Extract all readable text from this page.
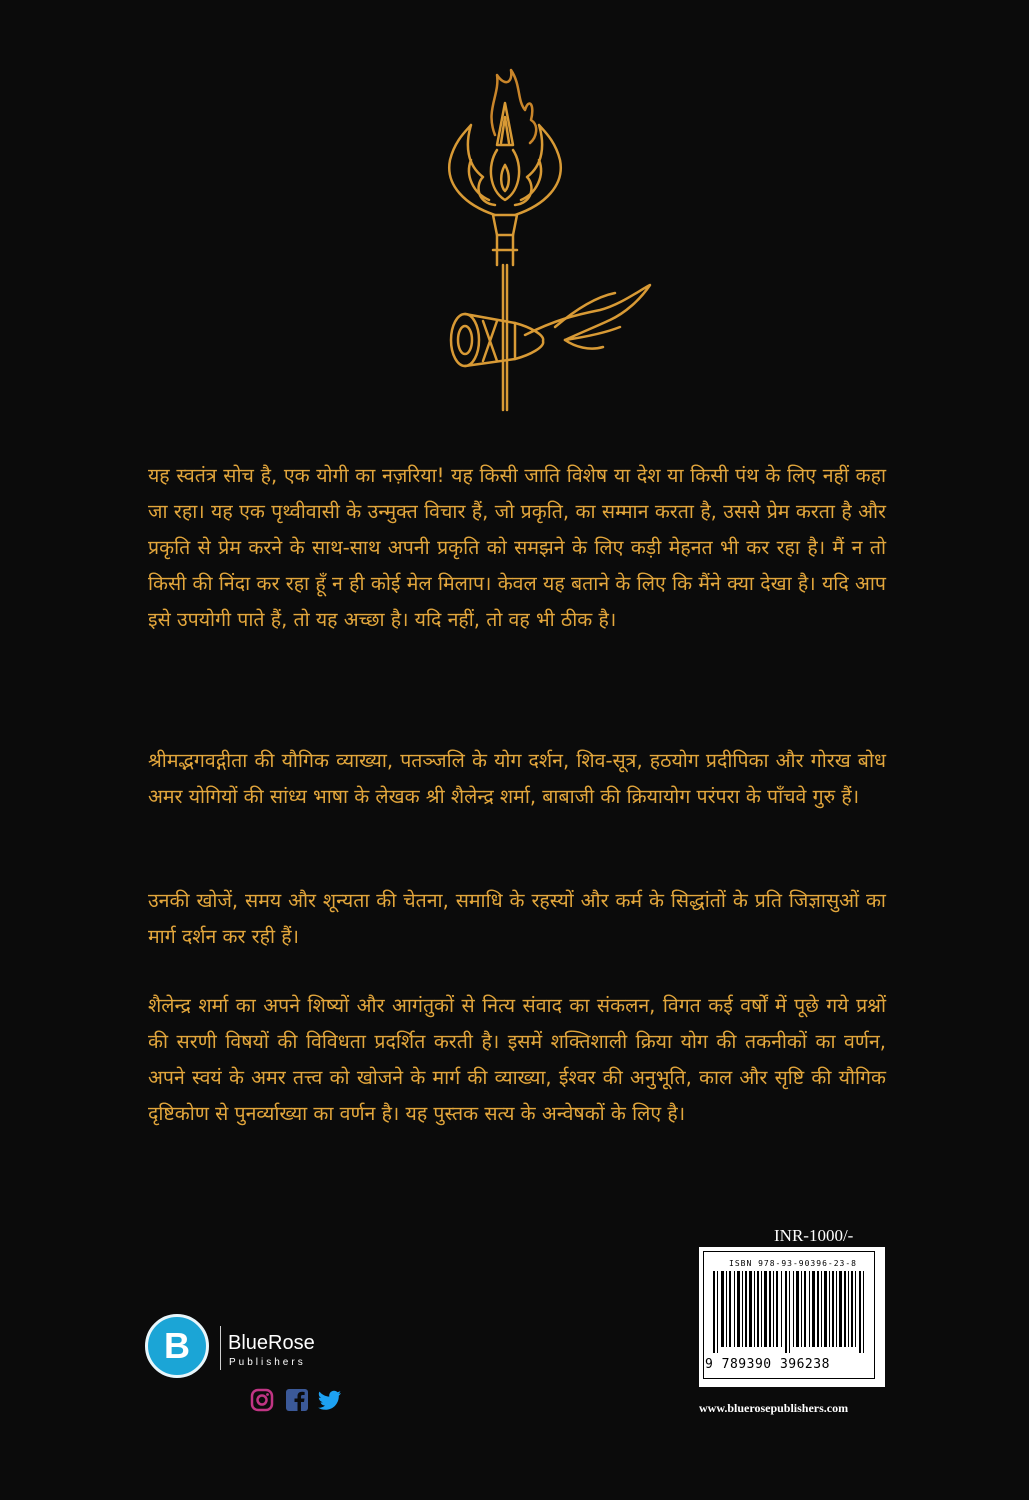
यह स्वतंत्र सोच है, एक योगी का नज़रिया! यह किसी जाति विशेष या देश या किसी पंथ के लिए नहीं कहा जा रहा। यह एक पृथ्वीवासी के उन्मुक्त विचार हैं, जो प्रकृति, का सम्मान करता है, उससे प्रेम करता है और प्रकृति से प्रेम करने के साथ-साथ अपनी प्रकृति को समझने के लिए कड़ी मेहनत भी कर रहा है। मैं न तो किसी की निंदा कर रहा हूँ न ही कोई मेल मिलाप। केवल यह बताने के लिए कि मैंने क्या देखा है। यदि आप इसे उपयोगी पाते हैं, तो यह अच्छा है। यदि नहीं, तो वह भी ठीक है।

श्रीमद्भगवद्गीता की यौगिक व्याख्या, पतञ्जलि के योग दर्शन, शिव-सूत्र, हठयोग प्रदीपिका और गोरख बोध अमर योगियों की सांध्य भाषा के लेखक श्री शैलेन्द्र शर्मा, बाबाजी की क्रियायोग परंपरा के पाँचवे गुरु हैं।

उनकी खोजें, समय और शून्यता की चेतना, समाधि के रहस्यों और कर्म के सिद्धांतों के प्रति जिज्ञासुओं का मार्ग दर्शन कर रही हैं।

शैलेन्द्र शर्मा का अपने शिष्यों और आगंतुकों से नित्य संवाद का संकलन, विगत कई वर्षों में पूछे गये प्रश्नों की सरणी विषयों की विविधता प्रदर्शित करती है। इसमें शक्तिशाली क्रिया योग की तकनीकों का वर्णन, अपने स्वयं के अमर तत्त्व को खोजने के मार्ग की व्याख्या, ईश्वर की अनुभूति, काल और सृष्टि की यौगिक दृष्टिकोण से पुनर्व्याख्या का वर्णन है। यह पुस्तक सत्य के अन्वेषकों के लिए है।

INR-1000/-
ISBN 978-93-90396-23-8
9 789390 396238
www.bluerosepublishers.com
B	BlueRose
Publishers
